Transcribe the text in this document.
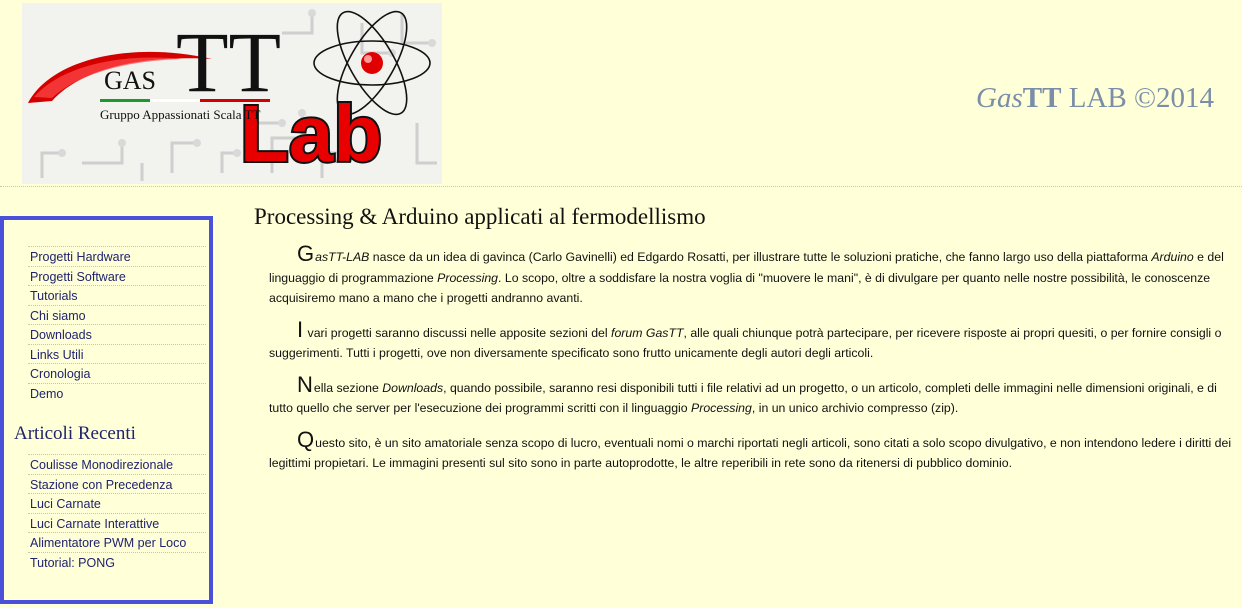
GAS TT
Lab
Gruppo Appassionati Scala TT
GasTT LAB ©2014
Progetti Hardware
Progetti Software
Tutorials
Chi siamo
Downloads
Links Utili
Cronologia
Demo
Articoli Recenti
Coulisse Monodirezionale
Stazione con Precedenza
Luci Carnate
Luci Carnate Interattive
Alimentatore PWM per Loco
Tutorial: PONG
Processing & Arduino applicati al fermodellismo

GasTT-LAB nasce da un idea di gavinca (Carlo Gavinelli) ed Edgardo Rosatti, per illustrare tutte le soluzioni pratiche, che fanno largo uso della piattaforma Arduino e del linguaggio di programmazione Processing. Lo scopo, oltre a soddisfare la nostra voglia di "muovere le mani", è di divulgare per quanto nelle nostre possibilità, le conoscenze acquisiremo mano a mano che i progetti andranno avanti.

I vari progetti saranno discussi nelle apposite sezioni del forum GasTT, alle quali chiunque potrà partecipare, per ricevere risposte ai propri quesiti, o per fornire consigli o suggerimenti. Tutti i progetti, ove non diversamente specificato sono frutto unicamente degli autori degli articoli.

Nella sezione Downloads, quando possibile, saranno resi disponibili tutti i file relativi ad un progetto, o un articolo, completi delle immagini nelle dimensioni originali, e di tutto quello che server per l'esecuzione dei programmi scritti con il linguaggio Processing, in un unico archivio compresso (zip).

Questo sito, è un sito amatoriale senza scopo di lucro, eventuali nomi o marchi riportati negli articoli, sono citati a solo scopo divulgativo, e non intendono ledere i diritti dei legittimi propietari. Le immagini presenti sul sito sono in parte autoprodotte, le altre reperibili in rete sono da ritenersi di pubblico dominio.
